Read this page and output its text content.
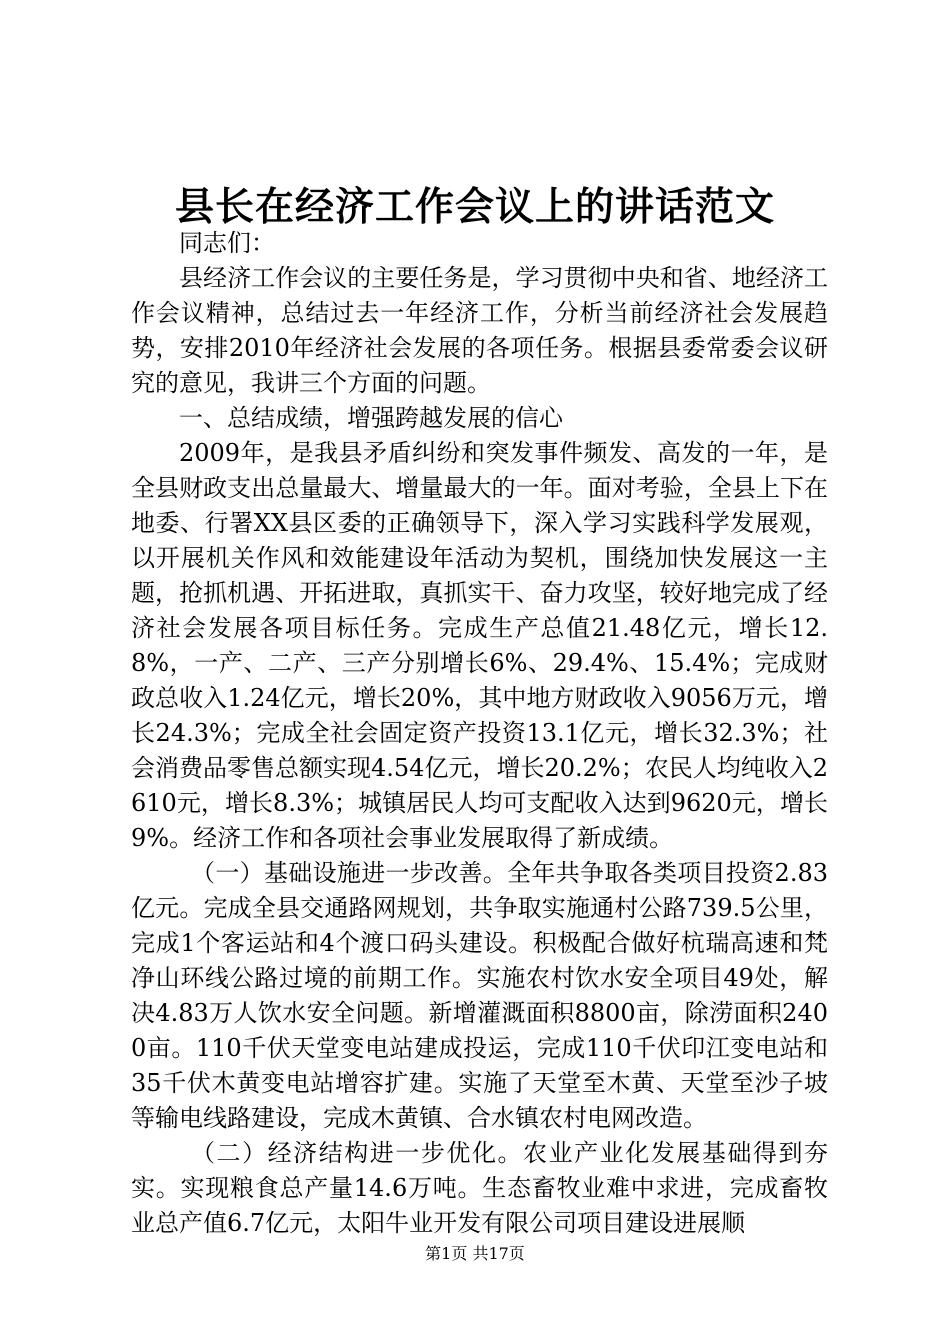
县长在经济工作会议上的讲话范文

同志们：

县经济工作会议的主要任务是，学习贯彻中央和省、地经济工作会议精神，总结过去一年经济工作，分析当前经济社会发展趋势，安排2010年经济社会发展的各项任务。根据县委常委会议研究的意见，我讲三个方面的问题。

一、总结成绩，增强跨越发展的信心

2009年，是我县矛盾纠纷和突发事件频发、高发的一年，是全县财政支出总量最大、增量最大的一年。面对考验，全县上下在地委、行署XX县区委的正确领导下，深入学习实践科学发展观，以开展机关作风和效能建设年活动为契机，围绕加快发展这一主题，抢抓机遇、开拓进取，真抓实干、奋力攻坚，较好地完成了经济社会发展各项目标任务。完成生产总值21.48亿元，增长12.8%，一产、二产、三产分别增长6%、29.4%、15.4%；完成财政总收入1.24亿元，增长20%，其中地方财政收入9056万元，增长24.3%；完成全社会固定资产投资13.1亿元，增长32.3%；社会消费品零售总额实现4.54亿元，增长20.2%；农民人均纯收入2610元，增长8.3%；城镇居民人均可支配收入达到9620元，增长9%。经济工作和各项社会事业发展取得了新成绩。

（一）基础设施进一步改善。全年共争取各类项目投资2.83亿元。完成全县交通路网规划，共争取实施通村公路739.5公里，完成1个客运站和4个渡口码头建设。积极配合做好杭瑞高速和梵净山环线公路过境的前期工作。实施农村饮水安全项目49处，解决4.83万人饮水安全问题。新增灌溉面积8800亩，除涝面积2400亩。110千伏天堂变电站建成投运，完成110千伏印江变电站和35千伏木黄变电站增容扩建。实施了天堂至木黄、天堂至沙子坡等输电线路建设，完成木黄镇、合水镇农村电网改造。

（二）经济结构进一步优化。农业产业化发展基础得到夯实。实现粮食总产量14.6万吨。生态畜牧业难中求进，完成畜牧业总产值6.7亿元，太阳牛业开发有限公司项目建设进展顺

第1页 共17页
